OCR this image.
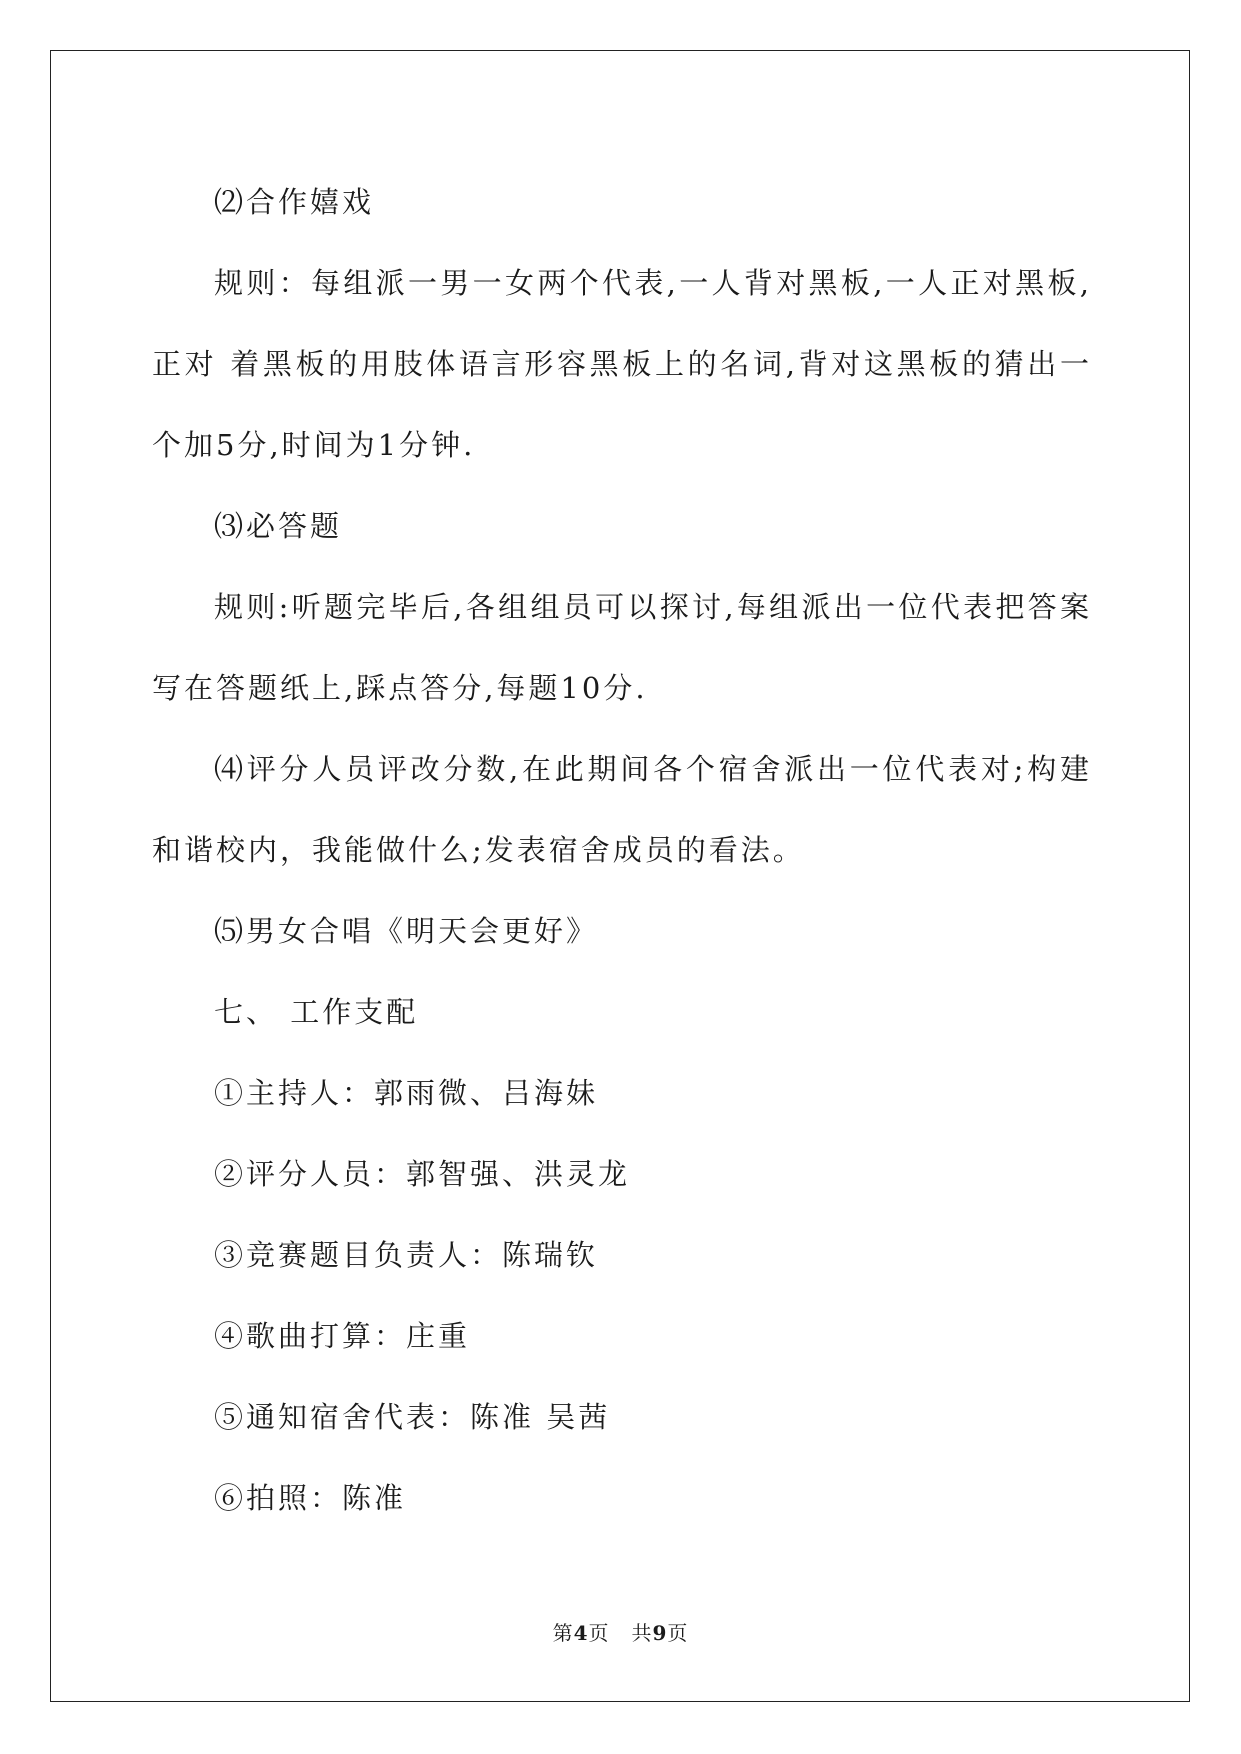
⑵合作嬉戏

规则：每组派一男一女两个代表,一人背对黑板,一人正对黑板,正对 着黑板的用肢体语言形容黑板上的名词,背对这黑板的猜出一个加5分,时间为1分钟.

⑶必答题

规则:听题完毕后,各组组员可以探讨,每组派出一位代表把答案写在答题纸上,踩点答分,每题10分.

⑷评分人员评改分数,在此期间各个宿舍派出一位代表对;构建和谐校内，我能做什么;发表宿舍成员的看法。

⑸男女合唱《明天会更好》

七、 工作支配

①主持人：郭雨微、吕海妹

②评分人员：郭智强、洪灵龙

③竞赛题目负责人：陈瑞钦

④歌曲打算：庄重

⑤通知宿舍代表：陈准 吴茜

⑥拍照：陈准

第4页 共9页
